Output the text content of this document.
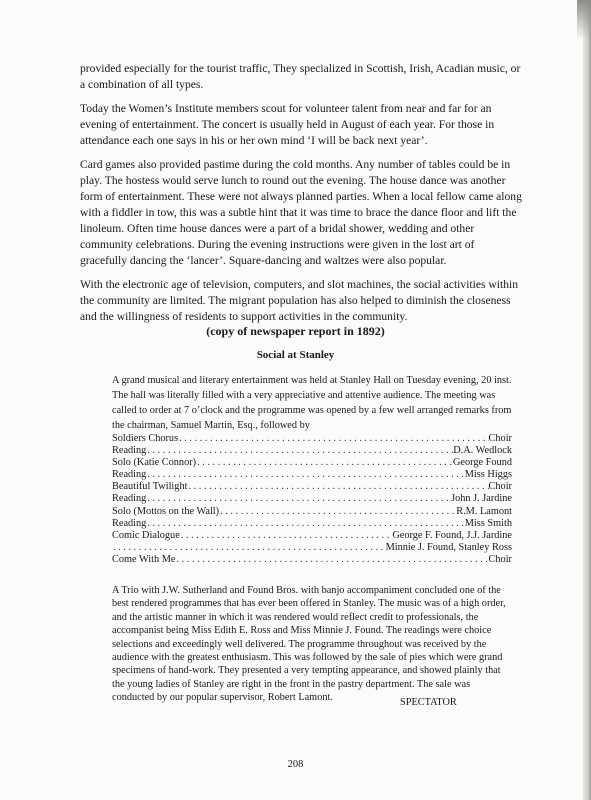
provided especially for the tourist traffic, They specialized in Scottish, Irish, Acadian music, or a combination of all types.

Today the Women’s Institute members scout for volunteer talent from near and far for an evening of entertainment. The concert is usually held in August of each year. For those in attendance each one says in his or her own mind ‘I will be back next year’.

Card games also provided pastime during the cold months. Any number of tables could be in play. The hostess would serve lunch to round out the evening. The house dance was another form of entertainment. These were not always planned parties. When a local fellow came along with a fiddler in tow, this was a subtle hint that it was time to brace the dance floor and lift the linoleum. Often time house dances were a part of a bridal shower, wedding and other community celebrations. During the evening instructions were given in the lost art of gracefully dancing the ‘lancer’. Square-dancing and waltzes were also popular.

With the electronic age of television, computers, and slot machines, the social activities within the community are limited. The migrant population has also helped to diminish the closeness and the willingness of residents to support activities in the community.

(copy of newspaper report in 1892)
Social at Stanley
A grand musical and literary entertainment was held at Stanley Hall on Tuesday evening, 20 inst. The hall was literally filled with a very appreciative and attentive audience. The meeting was called to order at 7 o’clock and the programme was opened by a few well arranged remarks from the chairman, Samuel Martin, Esq., followed by
Soldiers Chorus . . .	Choir
Reading . . .	D.A. Wedlock
Solo (Katie Connor) . . .	George Found
Reading . . .	Miss Higgs
Beautiful Twilight . . .	Choir
Reading . . .	John J. Jardine
Solo (Mottos on the Wall) . . .	R.M. Lamont
Reading . . .	Miss Smith
Comic Dialogue . . .	George F. Found, J.J. Jardine
. . .
Minnie J. Found, Stanley Ross
Come With Me . . .	Choir
A Trio with J.W. Sutherland and Found Bros. with banjo accompaniment concluded one of the best rendered programmes that has ever been offered in Stanley. The music was of a high order, and the artistic manner in which it was rendered would reflect credit to professionals, the accompanist being Miss Edith E. Ross and Miss Minnie J. Found. The readings were choice selections and exceedingly well delivered. The programme throughout was received by the audience with the greatest enthusiasm. This was followed by the sale of pies which were grand specimens of hand-work. They presented a very tempting appearance, and showed plainly that the young ladies of Stanley are right in the front in the pastry department. The sale was conducted by our popular supervisor, Robert Lamont.	SPECTATOR
208
